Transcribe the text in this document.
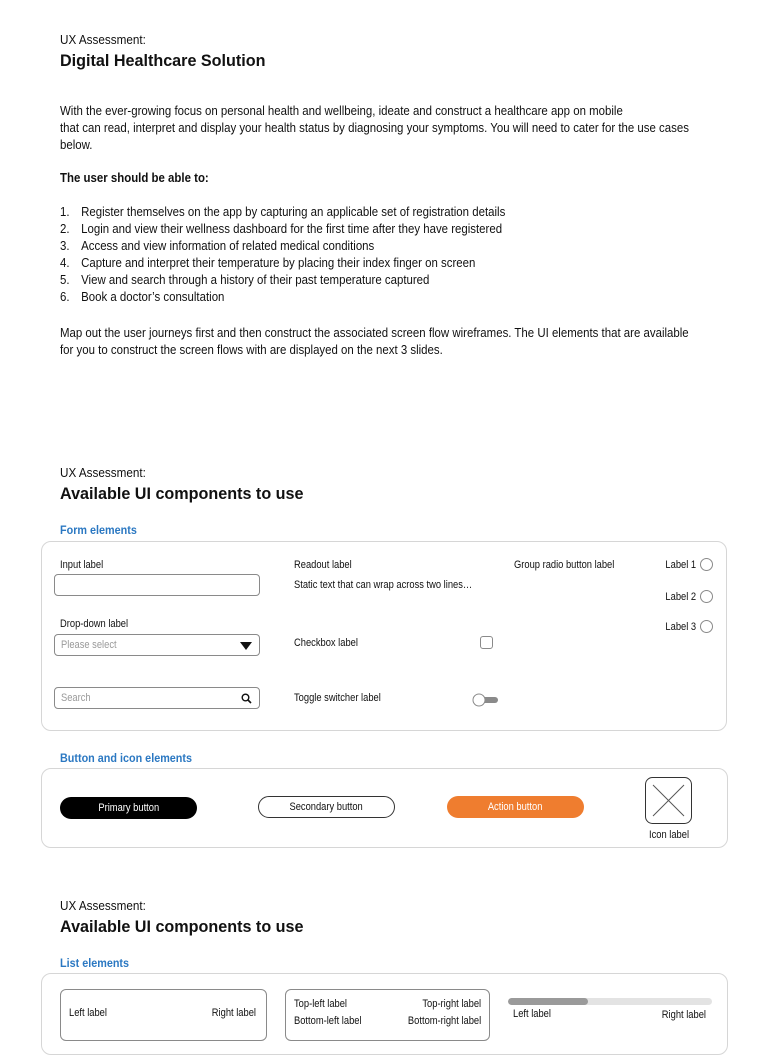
UX Assessment:
Digital Healthcare Solution
With the ever-growing focus on personal health and wellbeing, ideate and construct a healthcare app on mobile
that can read, interpret and display your health status by diagnosing your symptoms. You will need to cater for the use cases
below.
The user should be able to:
1. Register themselves on the app by capturing an applicable set of registration details
2. Login and view their wellness dashboard for the first time after they have registered
3. Access and view information of related medical conditions
4. Capture and interpret their temperature by placing their index finger on screen
5. View and search through a history of their past temperature captured
6. Book a doctor’s consultation
Map out the user journeys first and then construct the associated screen flow wireframes. The UI elements that are available
for you to construct the screen flows with are displayed on the next 3 slides.
UX Assessment:
Available UI components to use
Form elements
Input label
Drop-down label
Please select
Search
Readout label
Static text that can wrap across two lines…
Checkbox label
Toggle switcher label
Group radio button label	Label 1
Label 2
Label 3
Button and icon elements
Primary button	Secondary button	Action button
Icon label
UX Assessment:
Available UI components to use
List elements
Left label	Right label
Top-left label	Top-right label
Bottom-left label	Bottom-right label
Left label	Right label
